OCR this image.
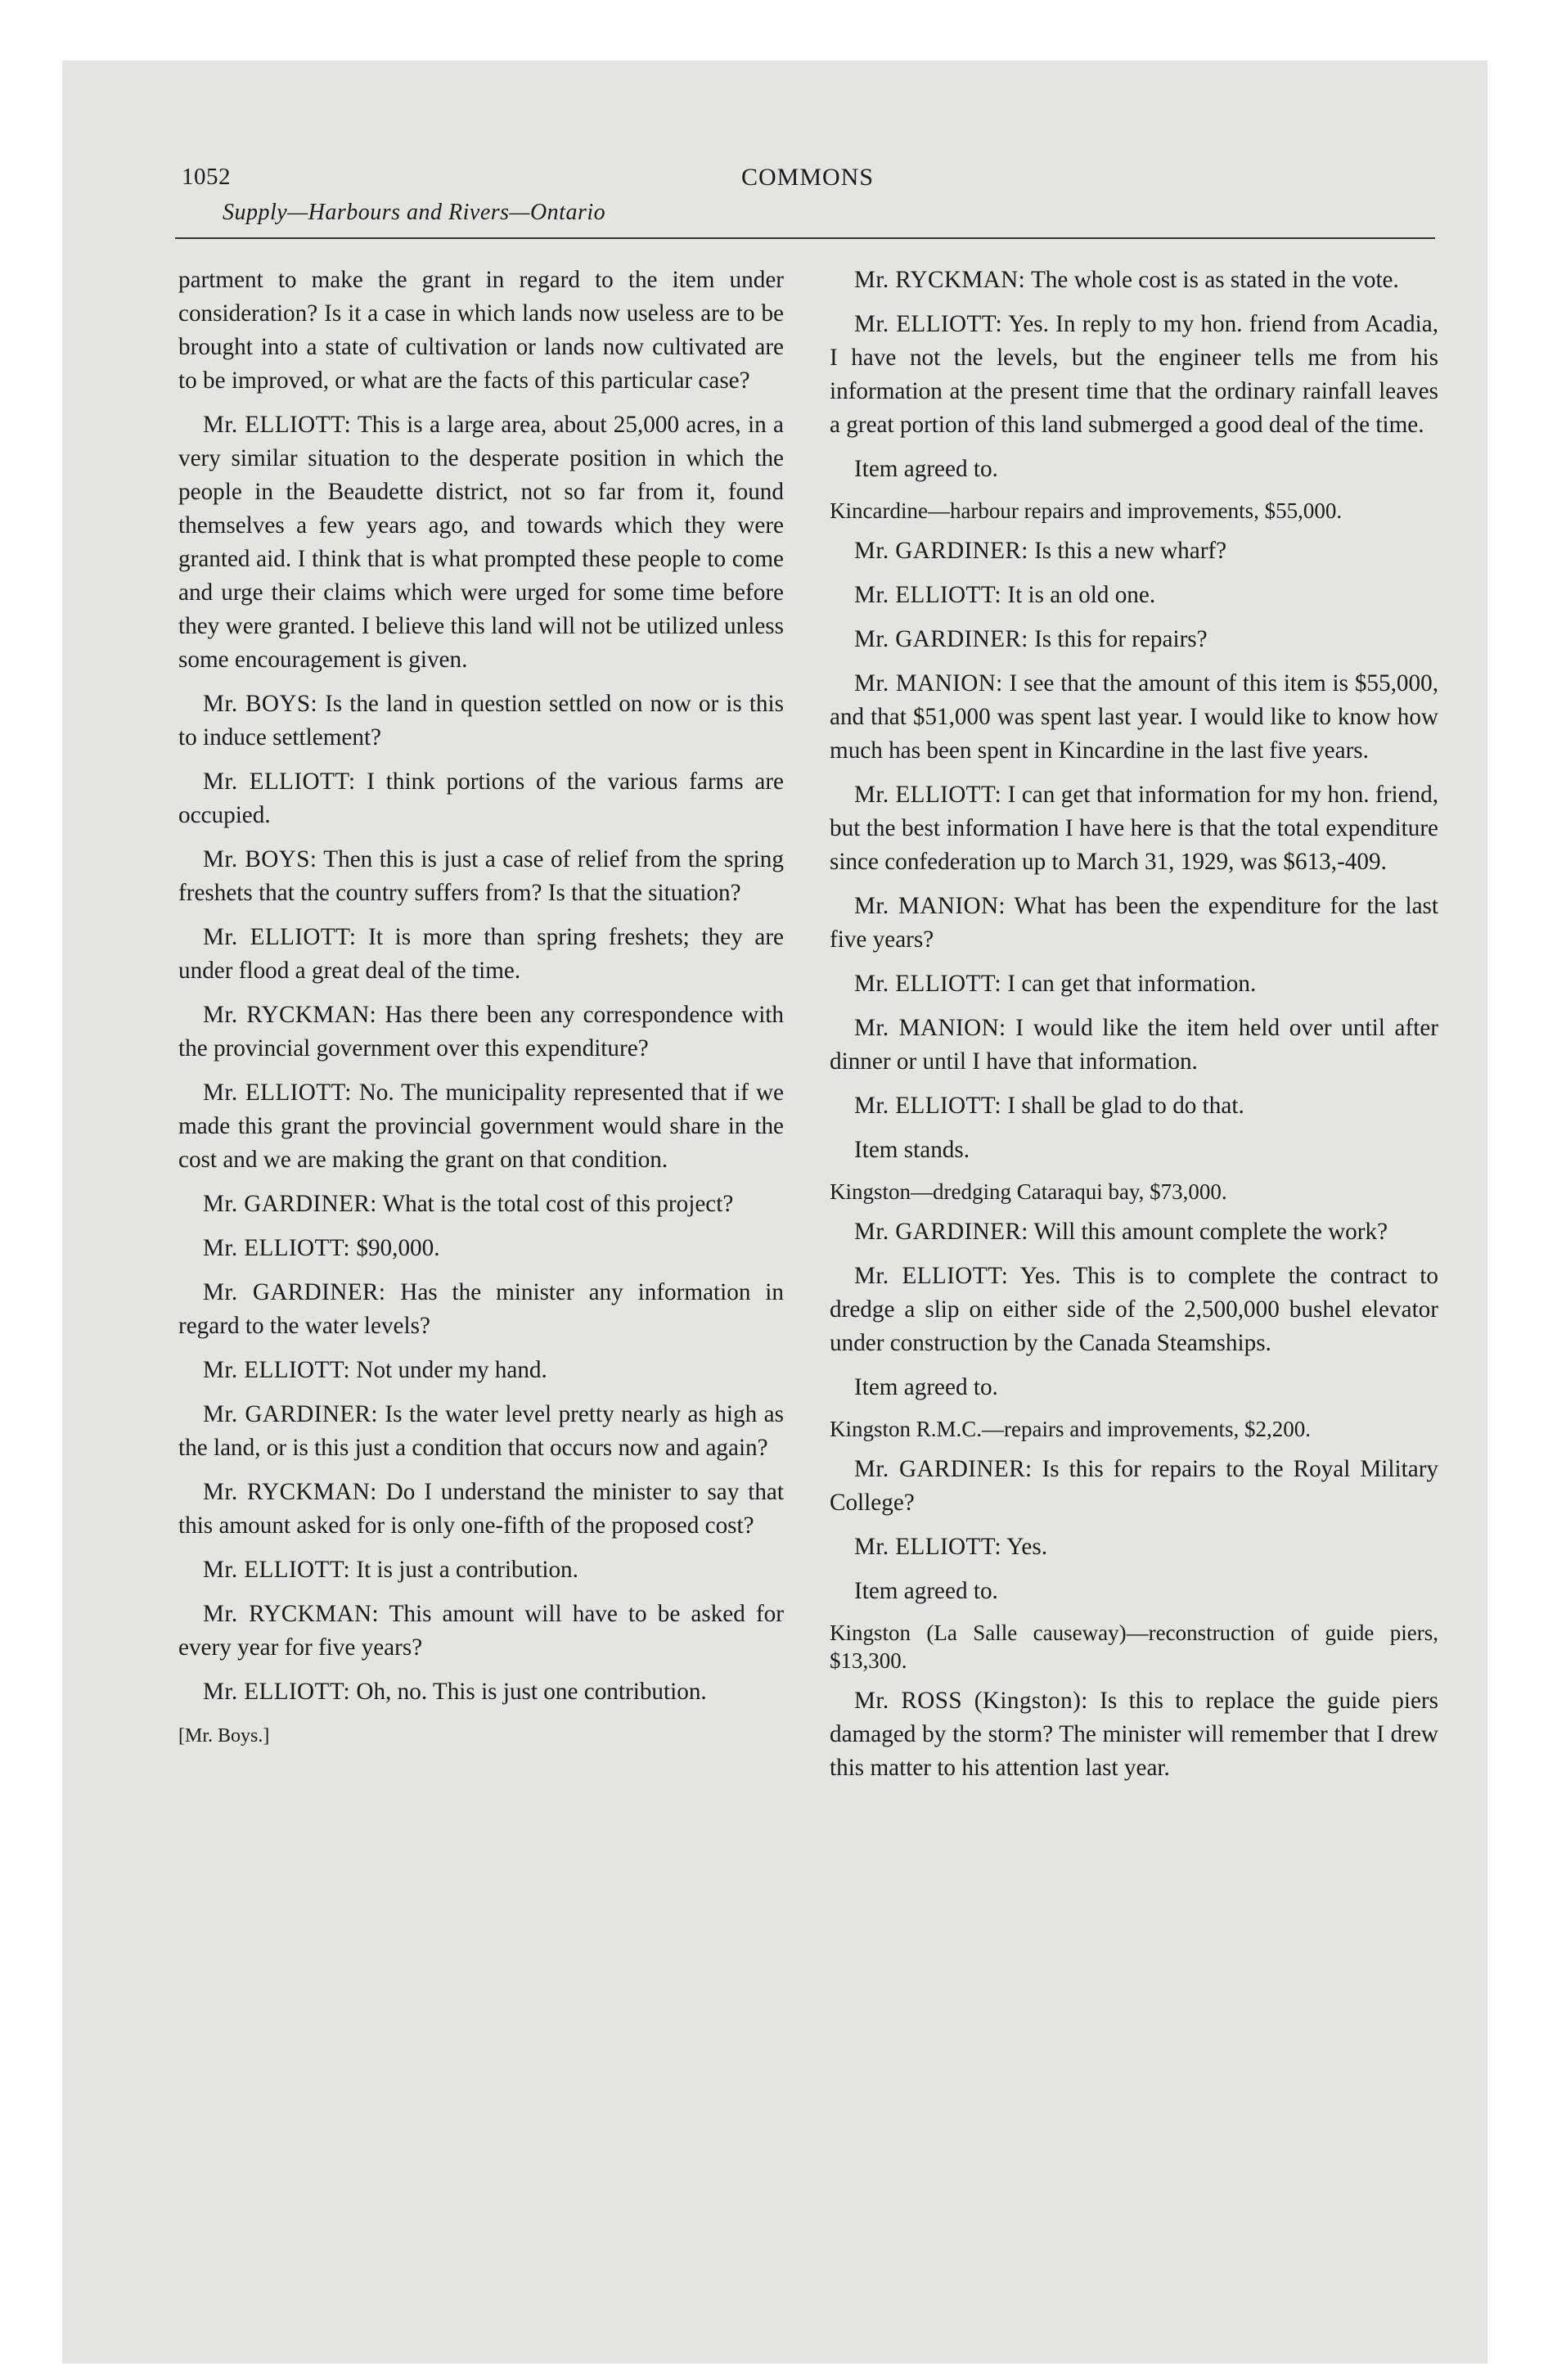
1052	COMMONS
Supply—Harbours and Rivers—Ontario

partment to make the grant in regard to the item under consideration? Is it a case in which lands now useless are to be brought into a state of cultivation or lands now cultivated are to be improved, or what are the facts of this particular case?

Mr. ELLIOTT: This is a large area, about 25,000 acres, in a very similar situation to the desperate position in which the people in the Beaudette district, not so far from it, found themselves a few years ago, and towards which they were granted aid. I think that is what prompted these people to come and urge their claims which were urged for some time before they were granted. I believe this land will not be utilized unless some encouragement is given.

Mr. BOYS: Is the land in question settled on now or is this to induce settlement?

Mr. ELLIOTT: I think portions of the various farms are occupied.

Mr. BOYS: Then this is just a case of relief from the spring freshets that the country suffers from? Is that the situation?

Mr. ELLIOTT: It is more than spring freshets; they are under flood a great deal of the time.

Mr. RYCKMAN: Has there been any correspondence with the provincial government over this expenditure?

Mr. ELLIOTT: No. The municipality represented that if we made this grant the provincial government would share in the cost and we are making the grant on that condition.

Mr. GARDINER: What is the total cost of this project?

Mr. ELLIOTT: $90,000.

Mr. GARDINER: Has the minister any information in regard to the water levels?

Mr. ELLIOTT: Not under my hand.

Mr. GARDINER: Is the water level pretty nearly as high as the land, or is this just a condition that occurs now and again?

Mr. RYCKMAN: Do I understand the minister to say that this amount asked for is only one-fifth of the proposed cost?

Mr. ELLIOTT: It is just a contribution.

Mr. RYCKMAN: This amount will have to be asked for every year for five years?

Mr. ELLIOTT: Oh, no. This is just one contribution.

[Mr. Boys.]

Mr. RYCKMAN: The whole cost is as stated in the vote.

Mr. ELLIOTT: Yes. In reply to my hon. friend from Acadia, I have not the levels, but the engineer tells me from his information at the present time that the ordinary rainfall leaves a great portion of this land submerged a good deal of the time.

Item agreed to.

Kincardine—harbour repairs and improvements, $55,000.

Mr. GARDINER: Is this a new wharf?

Mr. ELLIOTT: It is an old one.

Mr. GARDINER: Is this for repairs?

Mr. MANION: I see that the amount of this item is $55,000, and that $51,000 was spent last year. I would like to know how much has been spent in Kincardine in the last five years.

Mr. ELLIOTT: I can get that information for my hon. friend, but the best information I have here is that the total expenditure since confederation up to March 31, 1929, was $613,-409.

Mr. MANION: What has been the expenditure for the last five years?

Mr. ELLIOTT: I can get that information.

Mr. MANION: I would like the item held over until after dinner or until I have that information.

Mr. ELLIOTT: I shall be glad to do that.

Item stands.

Kingston—dredging Cataraqui bay, $73,000.

Mr. GARDINER: Will this amount complete the work?

Mr. ELLIOTT: Yes. This is to complete the contract to dredge a slip on either side of the 2,500,000 bushel elevator under construction by the Canada Steamships.

Item agreed to.

Kingston R.M.C.—repairs and improvements, $2,200.

Mr. GARDINER: Is this for repairs to the Royal Military College?

Mr. ELLIOTT: Yes.

Item agreed to.

Kingston (La Salle causeway)—reconstruction of guide piers, $13,300.

Mr. ROSS (Kingston): Is this to replace the guide piers damaged by the storm? The minister will remember that I drew this matter to his attention last year.
